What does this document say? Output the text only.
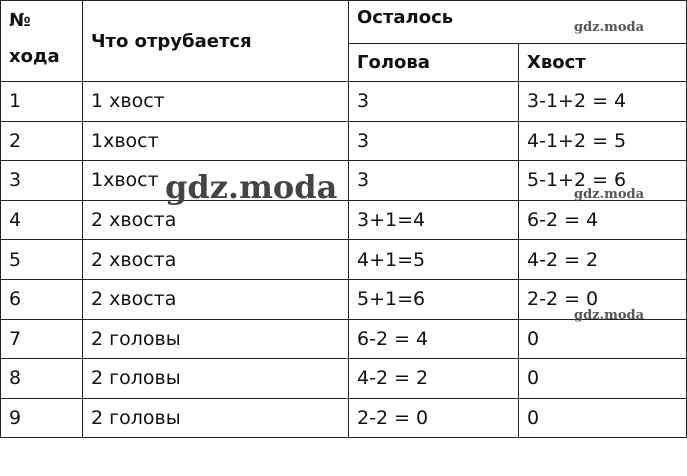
№ хода	Что отрубается	Осталось	
		Голова	Хвост
1	1 хвост	3	3-1+2 = 4
2	1хвост	3	4-1+2 = 5
3	1хвост	3	5-1+2 = 6
4	2 хвоста	3+1=4	6-2 = 4
5	2 хвоста	4+1=5	4-2 = 2
6	2 хвоста	5+1=6	2-2 = 0
7	2 головы	6-2 = 4	0
8	2 головы	4-2 = 2	0
9	2 головы	2-2 = 0	0
gdz.moda
gdz.moda	gdz.moda
gdz.moda
